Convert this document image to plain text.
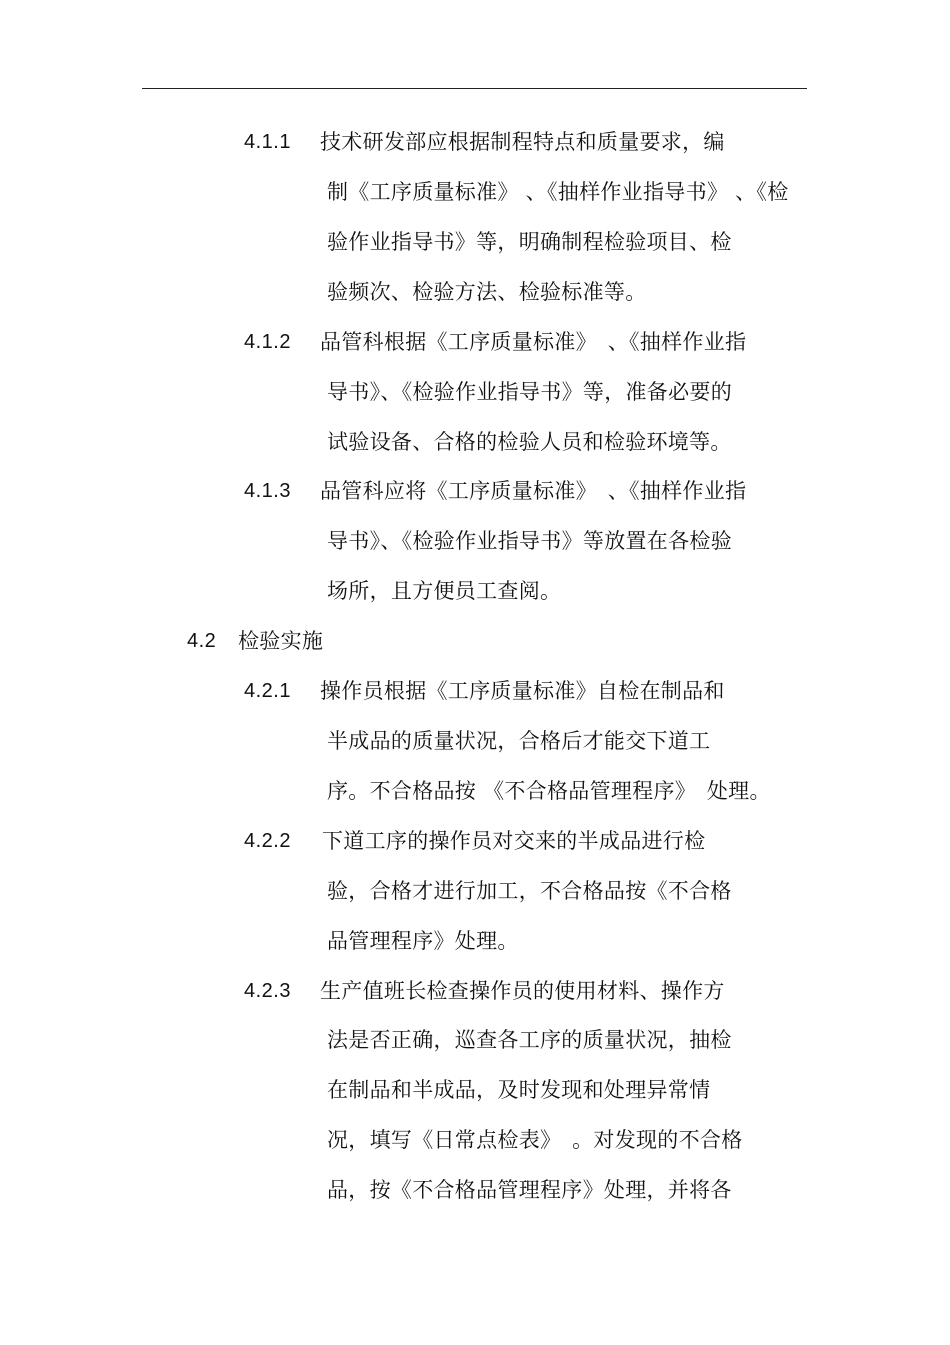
4.1.1 技术研发部应根据制程特点和质量要求，编
制《工序质量标准》 、《抽样作业指导书》 、《检
验作业指导书》等，明确制程检验项目、检
验频次、检验方法、检验标准等。
4.1.2 品管科根据《工序质量标准》　、《抽样作业指
导书》、《检验作业指导书》等，准备必要的
试验设备、合格的检验人员和检验环境等。
4.1.3 品管科应将《工序质量标准》　、《抽样作业指
导书》、《检验作业指导书》等放置在各检验
场所，且方便员工查阅。
4.2 检验实施
4.2.1 操作员根据《工序质量标准》自检在制品和
半成品的质量状况，合格后才能交下道工
序。不合格品按 《不合格品管理程序》　处理。
4.2.2 下道工序的操作员对交来的半成品进行检
验，合格才进行加工，不合格品按《不合格
品管理程序》处理。
4.2.3 生产值班长检查操作员的使用材料、操作方
法是否正确，巡查各工序的质量状况，抽检
在制品和半成品，及时发现和处理异常情
况，填写《日常点检表》　。对发现的不合格
品，按《不合格品管理程序》处理，并将各
